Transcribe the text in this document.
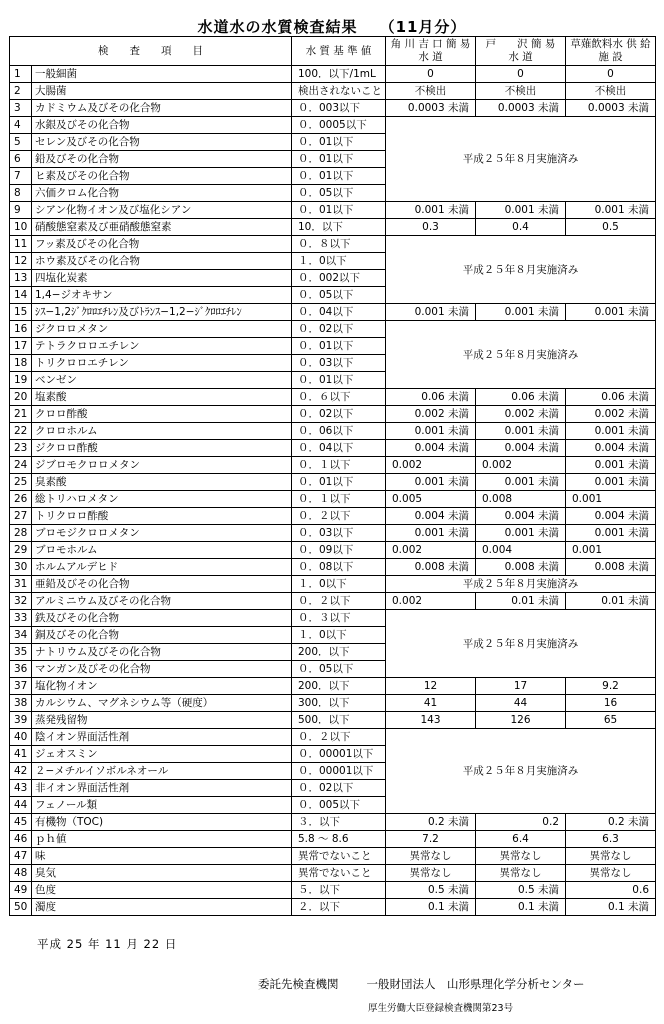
水道水の水質検査結果 （11月分）
検　　査　　項　　目		水 質 基 準 値	角 川 吉 口 簡 易 水 道	戸　　沢 簡 易 水 道	草薙飲料水 供 給 施 設
1	一般細菌	100．以下/1mL	0	0	0
2	大腸菌	検出されないこと	不検出	不検出	不検出
3	カドミウム及びその化合物	０．003以下	0.0003 未満	0.0003 未満	0.0003 未満
4	水銀及びその化合物	０．0005以下	平成２５年８月実施済み		
5	セレン及びその化合物	０．01以下			
6	鉛及びその化合物	０．01以下			
7	ヒ素及びその化合物	０．01以下			
8	六価クロム化合物	０．05以下			
9	シアン化物イオン及び塩化シアン	０．01以下	0.001 未満	0.001 未満	0.001 未満
10	硝酸態窒素及び亜硝酸態窒素	10．以下	0.3	0.4	0.5
11	フッ素及びその化合物	０．８以下	平成２５年８月実施済み		
12	ホウ素及びその化合物	１．0以下			
13	四塩化炭素	０．002以下			
14	1,4−ジオキサン	０．05以下			
15	ｼｽ−1,2ｼﾞｸﾛﾛｴﾁﾚﾝ及びﾄﾗﾝｽ−1,2−ｼﾞｸﾛﾛｴﾁﾚﾝ	０．04以下	0.001 未満	0.001 未満	0.001 未満
16	ジクロロメタン	０．02以下	平成２５年８月実施済み		
17	テトラクロロエチレン	０．01以下			
18	トリクロロエチレン	０．03以下			
19	ベンゼン	０．01以下			
20	塩素酸	０．６以下	0.06 未満	0.06 未満	0.06 未満
21	クロロ酢酸	０．02以下	0.002 未満	0.002 未満	0.002 未満
22	クロロホルム	０．06以下	0.001 未満	0.001 未満	0.001 未満
23	ジクロロ酢酸	０．04以下	0.004 未満	0.004 未満	0.004 未満
24	ジブロモクロロメタン	０．１以下	0.002	0.002	0.001 未満
25	臭素酸	０．01以下	0.001 未満	0.001 未満	0.001 未満
26	総トリハロメタン	０．１以下	0.005	0.008	0.001
27	トリクロロ酢酸	０．２以下	0.004 未満	0.004 未満	0.004 未満
28	ブロモジクロロメタン	０．03以下	0.001 未満	0.001 未満	0.001 未満
29	ブロモホルム	０．09以下	0.002	0.004	0.001
30	ホルムアルデヒド	０．08以下	0.008 未満	0.008 未満	0.008 未満
31	亜鉛及びその化合物	１．0以下	平成２５年８月実施済み		
32	アルミニウム及びその化合物	０．２以下	0.002	0.01 未満	0.01 未満
33	鉄及びその化合物	０．３以下	平成２５年８月実施済み		
34	銅及びその化合物	１．0以下			
35	ナトリウム及びその化合物	200．以下			
36	マンガン及びその化合物	０．05以下			
37	塩化物イオン	200．以下	12	17	9.2
38	カルシウム、マグネシウム等（硬度）	300．以下	41	44	16
39	蒸発残留物	500．以下	143	126	65
40	陰イオン界面活性剤	０．２以下	平成２５年８月実施済み		
41	ジェオスミン	０．00001以下			
42	２−メチルイソボルネオール	０．00001以下			
43	非イオン界面活性剤	０．02以下			
44	フェノール類	０．005以下			
45	有機物（TOC)	３．以下	0.2 未満	0.2	0.2 未満
46	ｐｈ値	5.8 〜 8.6	7.2	6.4	6.3
47	味	異常でないこと	異常なし	異常なし	異常なし
48	臭気	異常でないこと	異常なし	異常なし	異常なし
49	色度	５．以下	0.5 未満	0.5 未満	0.6
50	濁度	２．以下	0.1 未満	0.1 未満	0.1 未満
平成 25 年 11 月 22 日
委託先検査機関 一般財団法人　山形県理化学分析センター
厚生労働大臣登録検査機関第23号
